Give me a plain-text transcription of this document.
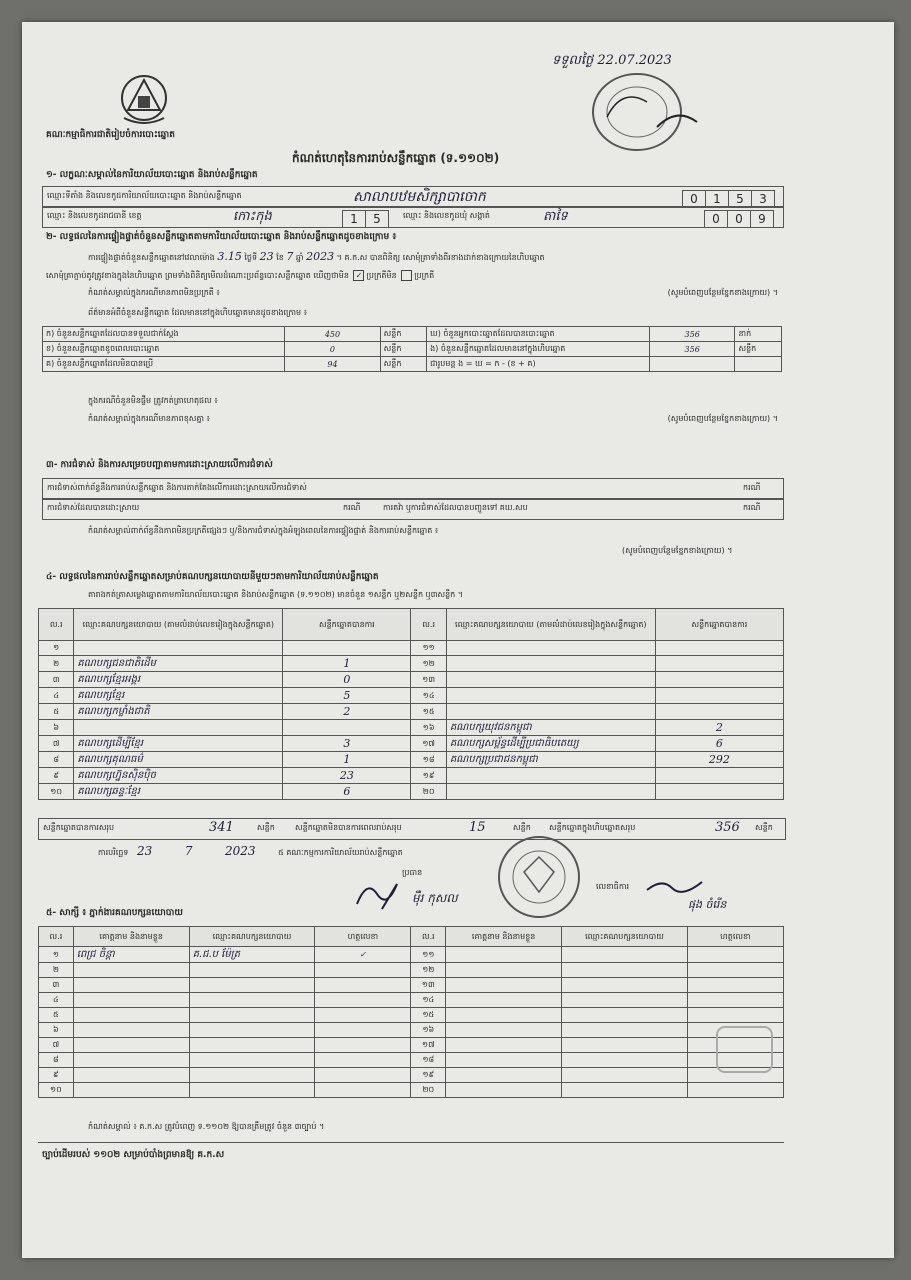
គណៈកម្មាធិការជាតិរៀបចំការបោះឆ្នោត
ទទួលថ្ងៃ 22.07.2023
កំណត់ហេតុនៃការរាប់សន្លឹកឆ្នោត (ទ.១១០២)
១- លក្ខណៈសម្គាល់នៃការិយាល័យបោះឆ្នោត និងរាប់សន្លឹកឆ្នោត
ឈ្មោះទីតាំង និងលេខកូដការិយាល័យបោះឆ្នោត និងរាប់សន្លឹកឆ្នោត	សាលាបឋមសិក្សាបាចោក	0 1 5 3
ឈ្មោះ និងលេខកូដរាជធានី ខេត្ត	កោះកុង	1 5	ឈ្មោះ និងលេខកូដឃុំ សង្កាត់	តាទៃ	0 0 9
២- លទ្ធផលនៃការផ្ទៀងផ្ទាត់ចំនួនសន្លឹកឆ្នោតតាមការិយាល័យបោះឆ្នោត និងរាប់សន្លឹកឆ្នោតដូចខាងក្រោម ៖
ការផ្ទៀងផ្ទាត់ចំនួនសន្លឹកឆ្នោតនៅវេលាម៉ោង 3.15 ថ្ងៃទី 23 ខែ 7 ឆ្នាំ 2023 ។ គ.ក.ស បានពិនិត្យ សោមុំត្រាទាំងពីរខាងដាក់ខាងក្រោយនៃហិបឆ្នោត
សោមុំត្រាភ្ជាប់តូវត្រូវខាងក្នុងនៃហិបឆ្នោត ព្រមទាំងពិនិត្យមើលដំណោះប្រព័ន្ធបោះសន្លឹកឆ្នោត ឃើញថាមិន ✓ ប្រក្រតីមិន ប្រក្រតី
កំណត់សម្គាល់ក្នុងករណីមានភាពមិនប្រក្រតី ៖	(សូមបំពេញបន្ថែមខ្នែកខាងក្រោយ) ។
ព័ត៌មានអំពីចំនួនសន្លឹកឆ្នោត ដែលមាននៅក្នុងហិបឆ្នោតមានដូចខាងក្រោម ៖
ក) ចំនួនសន្លឹកឆ្នោតដែលបានទទួលជាក់ស្តែង	450	សន្លឹក	ឃ) ចំនួនអ្នកបោះឆ្នោតដែលបានបោះឆ្នោត	356	នាក់
ខ) ចំនួនសន្លឹកឆ្នោតខូចពេលបោះឆ្នោត	0	សន្លឹក	ង) ចំនួនសន្លឹកឆ្នោតដែលមាននៅក្នុងហិបឆ្នោត	356	សន្លឹក
គ) ចំនួនសន្លឹកឆ្នោតដែលមិនបានប្រើ	94	សន្លឹក	ជារូបមន្ត ង = ឃ = ក - (ខ + គ)		
ក្នុងករណីចំនួនមិនផ្ទឹម ត្រូវកត់ត្រាហេតុផល ៖
កំណត់សម្គាល់ក្នុងករណីមានភាពខុសគ្នា ៖	(សូមបំពេញបន្ថែមខ្នែកខាងក្រោយ) ។
៣- ការជំទាស់ និងការសម្រេចបញ្ជាតាមការដោះស្រាយលើការជំទាស់
ការជំទាស់ពាក់ព័ន្ធនឹងការរាប់សន្លឹកឆ្នោត និងការតាក់តែងលើការដោះស្រាយលើការជំទាស់	ករណី
ការជំទាស់ដែលបានដោះស្រាយ	ករណី	ការតវ៉ា ឬការជំទាស់ដែលបានបញ្ជូនទៅ គឃ.សប	ករណី
កំណត់សម្គាល់ពាក់ព័ន្ធនឹងភាពមិនប្រក្រតីផ្សេងៗ ឬ/និងការជំទាស់ក្នុងអំឡុងពេលនៃការផ្ទៀងផ្ទាត់ និងការរាប់សន្លឹកឆ្នោត ៖
(សូមបំពេញបន្ថែមខ្នែកខាងក្រោយ) ។
៤- លទ្ធផលនៃការរាប់សន្លឹកឆ្នោតសម្រាប់គណបក្សនយោបាយនីមួយៗតាមការិយាល័យរាប់សន្លឹកឆ្នោត
តារាងកត់ត្រាសម្លេងឆ្នោតតាមការិយាល័យបោះឆ្នោត និងរាប់សន្លឹកឆ្នោត (ទ.១១០២) មានចំនួន ១សន្លឹក ឬ២សន្លឹក ឬ៣សន្លឹក ។
ល.រ	ឈ្មោះគណបក្សនយោបាយ (តាមលំដាប់លេខរៀងក្នុងសន្លឹកឆ្នោត)	សន្លឹកឆ្នោតបានការ	ល.រ	ឈ្មោះគណបក្សនយោបាយ (តាមលំដាប់លេខរៀងក្នុងសន្លឹកឆ្នោត)	សន្លឹកឆ្នោតបានការ
១			១១		
២	គណបក្សជនជាតិដើម	1	១២		
៣	គណបក្សខ្មែរអង្គរ	0	១៣		
៤	គណបក្សខ្មែរ	5	១៤		
៥	គណបក្សកម្លាំងជាតិ	2	១៥		
៦			១៦	គណបក្សយុវជនកម្ពុជា	2
៧	គណបក្សដើម្បីខ្មែរ	3	១៧	គណបក្សសម្ព័ន្ធដើម្បីប្រជាធិបតេយ្យ	6
៨	គណបក្សគុណធម៌	1	១៨	គណបក្សប្រជាជនកម្ពុជា	292
៩	គណបក្សហ្វ៊ុនស៊ិនប៉ិច	23	១៩		
១០	គណបក្សឆន្ទៈខ្មែរ	6	២០		
សន្លឹកឆ្នោតបានការសរុប	341	សន្លឹក	សន្លឹកឆ្នោតមិនបានការពេលរាប់សរុប	15	សន្លឹក សន្លឹកឆ្នោតក្នុងហិបឆ្នោតសរុប	356 សន្លឹក
ការបរិច្ឆេទ 23	7	2023	៥ គណៈកម្មការការិយាល័យរាប់សន្លឹកឆ្នោត
ប្រធាន
ម៉ឺរ កុសល
លេខាធិការ
ផុង ចំរើន
៥- សាក្សី ៖ ភ្នាក់ងារគណបក្សនយោបាយ
ល.រ	គោត្តនាម និងនាមខ្លួន	ឈ្មោះគណបក្សនយោបាយ	ហត្ថលេខា	ល.រ	គោត្តនាម និងនាមខ្លួន	ឈ្មោះគណបក្សនយោបាយ	ហត្ថលេខា
១	ពេជ្រ ចិន្តា	គ.ជ.ប ម៉ែត្រ	✓	១១			
២				១២			
៣				១៣			
៤				១៤			
៥				១៥			
៦				១៦			
៧				១៧			
៨				១៨			
៩				១៩			
១០				២០			
កំណត់សម្គាល់ ៖ គ.ក.ស ត្រូវបំពេញ ទ.១១០២ ឱ្យបានត្រឹមត្រូវ ចំនួន ៣ច្បាប់ ។
ច្បាប់ដើមរបស់ ១១០២ សម្រាប់បាំងព្រមានឱ្យ គ.ក.ស
